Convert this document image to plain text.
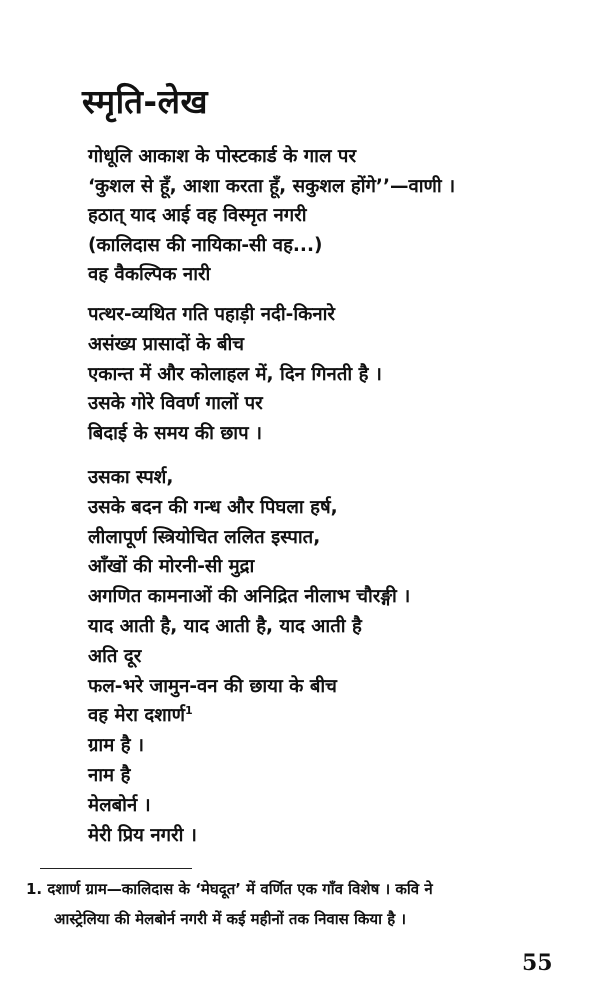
स्मृति-लेख
गोधूलि आकाश के पोस्टकार्ड के गाल पर
‘कुशल से हूँ, आशा करता हूँ, सकुशल होंगे’’—वाणी ।
हठात् याद आई वह विस्मृत नगरी
(कालिदास की नायिका-सी वह...)
वह वैकल्पिक नारी
पत्थर-व्यथित गति पहाड़ी नदी-किनारे
असंख्य प्रासादों के बीच
एकान्त में और कोलाहल में, दिन गिनती है ।
उसके गोरे विवर्ण गालों पर
बिदाई के समय की छाप ।
उसका स्पर्श,
उसके बदन की गन्ध और पिघला हर्ष,
लीलापूर्ण स्त्रियोचित ललित इस्पात,
आँखों की मोरनी-सी मुद्रा
अगणित कामनाओं की अनिद्रित नीलाभ चौरङ्गी ।
याद आती है, याद आती है, याद आती है
अति दूर
फल-भरे जामुन-वन की छाया के बीच
वह मेरा दशार्ण$^1$
ग्राम है ।
नाम है
मेलबोर्न ।
मेरी प्रिय नगरी ।
1. दशार्ण ग्राम—कालिदास के ‘मेघदूत’ में वर्णित एक गाँव विशेष । कवि ने
आस्ट्रेलिया की मेलबोर्न नगरी में कई महीनों तक निवास किया है ।
55
